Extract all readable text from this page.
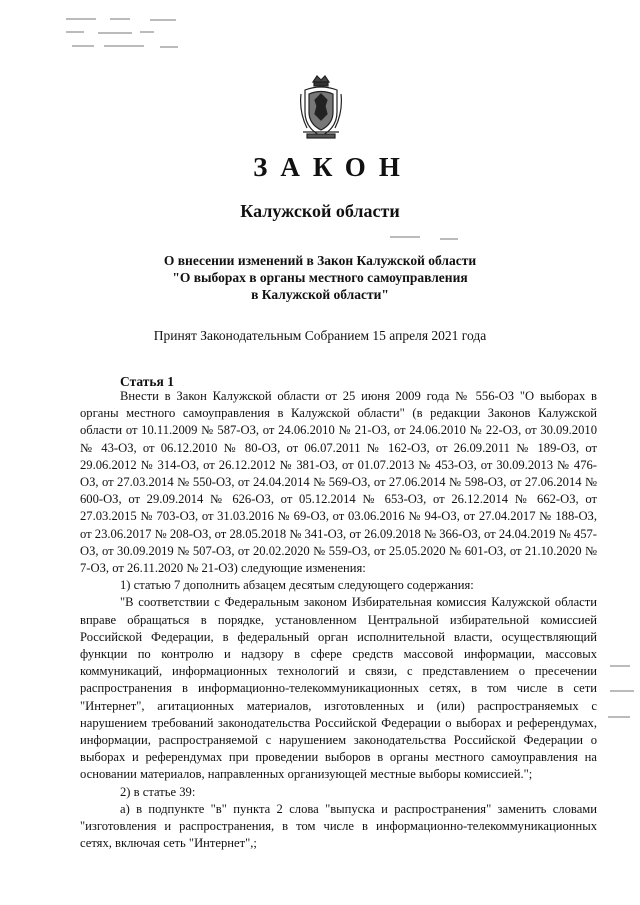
ЗАКОН
Калужской области
О внесении изменений в Закон Калужской области
"О выборах в органы местного самоуправления
в Калужской области"
Принят Законодательным Собранием 15 апреля 2021 года
Статья 1

Внести в Закон Калужской области от 25 июня 2009 года № 556-ОЗ "О выборах в органы местного самоуправления в Калужской области" (в редакции Законов Калужской области от 10.11.2009 № 587-ОЗ, от 24.06.2010 № 21-ОЗ, от 24.06.2010 № 22-ОЗ, от 30.09.2010 № 43-ОЗ, от 06.12.2010 № 80-ОЗ, от 06.07.2011 № 162-ОЗ, от 26.09.2011 № 189-ОЗ, от 29.06.2012 № 314-ОЗ, от 26.12.2012 № 381-ОЗ, от 01.07.2013 № 453-ОЗ, от 30.09.2013 № 476-ОЗ, от 27.03.2014 № 550-ОЗ, от 24.04.2014 № 569-ОЗ, от 27.06.2014 № 598-ОЗ, от 27.06.2014 № 600-ОЗ, от 29.09.2014 № 626-ОЗ, от 05.12.2014 № 653-ОЗ, от 26.12.2014 № 662-ОЗ, от 27.03.2015 № 703-ОЗ, от 31.03.2016 № 69-ОЗ, от 03.06.2016 № 94-ОЗ, от 27.04.2017 № 188-ОЗ, от 23.06.2017 № 208-ОЗ, от 28.05.2018 № 341-ОЗ, от 26.09.2018 № 366-ОЗ, от 24.04.2019 № 457-ОЗ, от 30.09.2019 № 507-ОЗ, от 20.02.2020 № 559-ОЗ, от 25.05.2020 № 601-ОЗ, от 21.10.2020 № 7-ОЗ, от 26.11.2020 № 21-ОЗ) следующие изменения:

1) статью 7 дополнить абзацем десятым следующего содержания:

"В соответствии с Федеральным законом Избирательная комиссия Калужской области вправе обращаться в порядке, установленном Центральной избирательной комиссией Российской Федерации, в федеральный орган исполнительной власти, осуществляющий функции по контролю и надзору в сфере средств массовой информации, массовых коммуникаций, информационных технологий и связи, с представлением о пресечении распространения в информационно-телекоммуникационных сетях, в том числе в сети "Интернет", агитационных материалов, изготовленных и (или) распространяемых с нарушением требований законодательства Российской Федерации о выборах и референдумах, информации, распространяемой с нарушением законодательства Российской Федерации о выборах и референдумах при проведении выборов в органы местного самоуправления на основании материалов, направленных организующей местные выборы комиссией.";

2) в статье 39:

а) в подпункте "в" пункта 2 слова "выпуска и распространения" заменить словами "изготовления и распространения, в том числе в информационно-телекоммуникационных сетях, включая сеть "Интернет",;
